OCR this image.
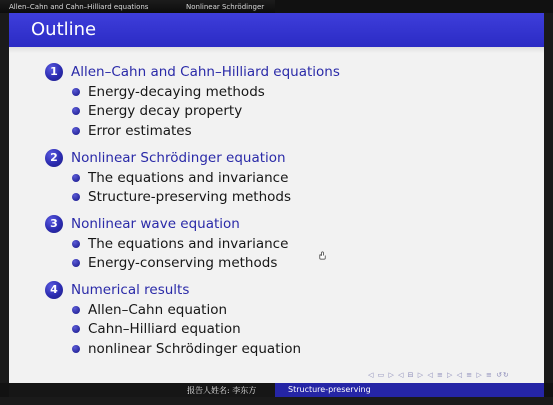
Allen–Cahn and Cahn–Hilliard equations	Nonlinear Schrödinger
Outline
1 Allen–Cahn and Cahn–Hilliard equations
Energy-decaying methods
Energy decay property
Error estimates
2 Nonlinear Schrödinger equation
The equations and invariance
Structure-preserving methods
3 Nonlinear wave equation
The equations and invariance
Energy-conserving methods
4 Numerical results
Allen–Cahn equation
Cahn–Hilliard equation
nonlinear Schrödinger equation
◁ ▭ ▷ ◁ ⊟ ▷ ◁ ≡ ▷ ◁ ≡ ▷ ≡ ↺↻
报告人姓名: 李东方	Structure-preserving
